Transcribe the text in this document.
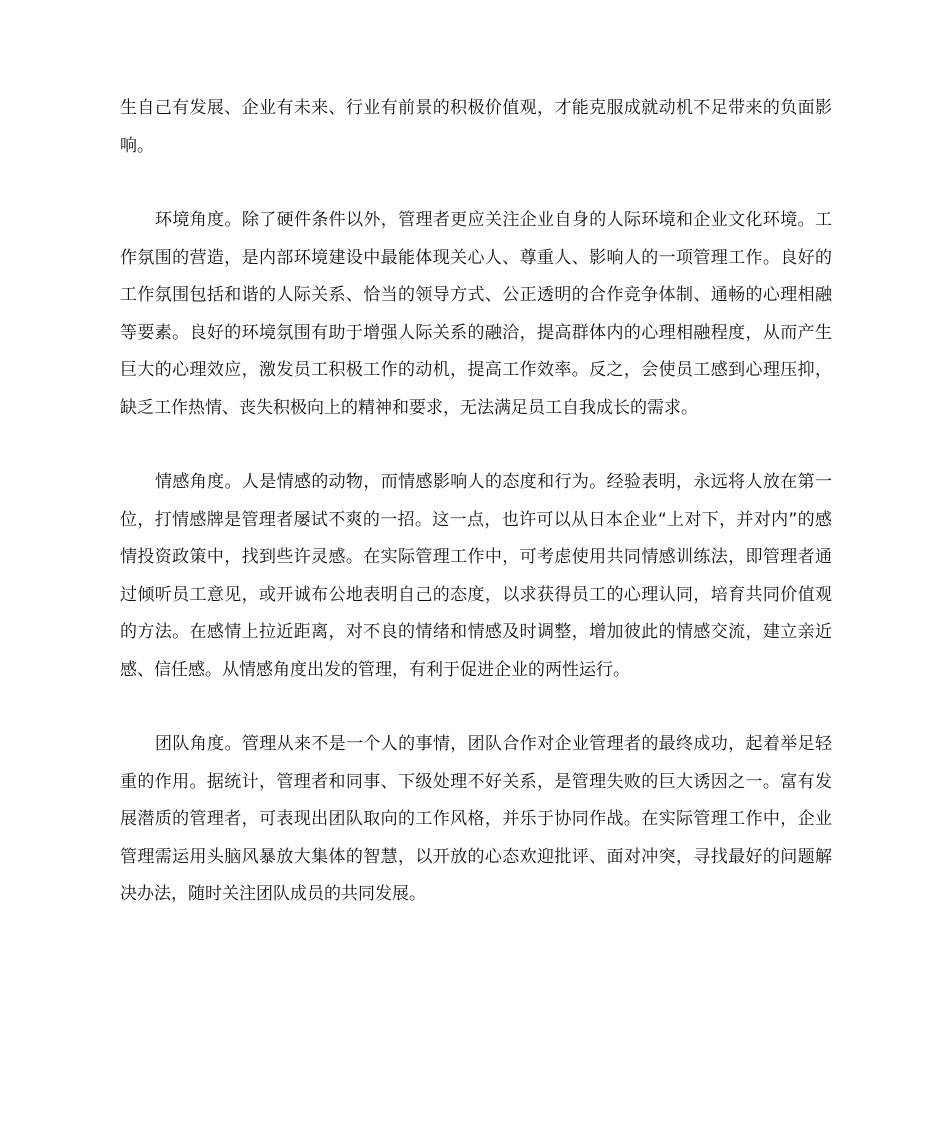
生自己有发展、企业有未来、行业有前景的积极价值观，才能克服成就动机不足带来的负面影响。

环境角度。除了硬件条件以外，管理者更应关注企业自身的人际环境和企业文化环境。工作氛围的营造，是内部环境建设中最能体现关心人、尊重人、影响人的一项管理工作。良好的工作氛围包括和谐的人际关系、恰当的领导方式、公正透明的合作竞争体制、通畅的心理相融等要素。良好的环境氛围有助于增强人际关系的融洽，提高群体内的心理相融程度，从而产生巨大的心理效应，激发员工积极工作的动机，提高工作效率。反之，会使员工感到心理压抑，缺乏工作热情、丧失积极向上的精神和要求，无法满足员工自我成长的需求。

情感角度。人是情感的动物，而情感影响人的态度和行为。经验表明，永远将人放在第一位，打情感牌是管理者屡试不爽的一招。这一点，也许可以从日本企业“上对下，并对内”的感情投资政策中，找到些许灵感。在实际管理工作中，可考虑使用共同情感训练法，即管理者通过倾听员工意见，或开诚布公地表明自己的态度，以求获得员工的心理认同，培育共同价值观的方法。在感情上拉近距离，对不良的情绪和情感及时调整，增加彼此的情感交流，建立亲近感、信任感。从情感角度出发的管理，有利于促进企业的两性运行。

团队角度。管理从来不是一个人的事情，团队合作对企业管理者的最终成功，起着举足轻重的作用。据统计，管理者和同事、下级处理不好关系，是管理失败的巨大诱因之一。富有发展潜质的管理者，可表现出团队取向的工作风格，并乐于协同作战。在实际管理工作中，企业管理需运用头脑风暴放大集体的智慧，以开放的心态欢迎批评、面对冲突，寻找最好的问题解决办法，随时关注团队成员的共同发展。
